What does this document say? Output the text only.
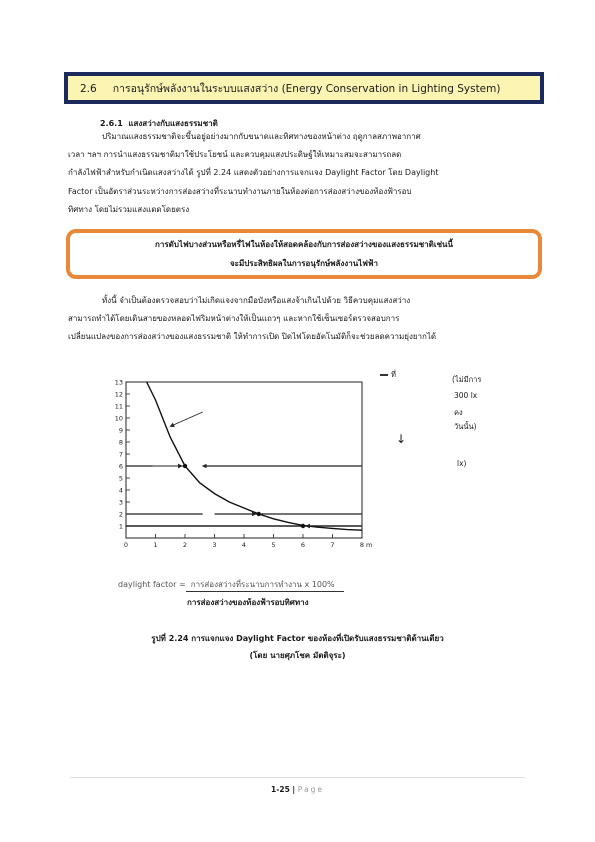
2.6 การอนุรักษ์พลังงานในระบบแสงสว่าง (Energy Conservation in Lighting System)
2.6.1 แสงสว่างกับแสงธรรมชาติ
ปริมาณแสงธรรมชาติจะขึ้นอยู่อย่างมากกับขนาดและทิศทางของหน้าต่าง ฤดูกาลสภาพอากาศ
เวลา ฯลฯ การนำแสงธรรมชาติมาใช้ประโยชน์ และควบคุมแสงประดิษฐ์ให้เหมาะสมจะสามารถลด
กำลังไฟฟ้าสำหรับกำเนิดแสงสว่างได้ รูปที่ 2.24 แสดงตัวอย่างการแจกแจง Daylight Factor โดย Daylight
Factor เป็นอัตราส่วนระหว่างการส่องสว่างที่ระนาบทำงานภายในห้องต่อการส่องสว่างของท้องฟ้ารอบ
ทิศทาง โดยไม่รวมแสงแดดโดยตรง
การดับไฟบางส่วนหรือหรี่ไฟในห้องให้สอดคล้องกับการส่องสว่างของแสงธรรมชาติเช่นนี้
จะมีประสิทธิผลในการอนุรักษ์พลังงานไฟฟ้า
ทั้งนี้ จำเป็นต้องตรวจสอบว่าไม่เกิดแจงจากมือบังหรือแสงจ้าเกินไปด้วย วิธีควบคุมแสงสว่าง
สามารถทำได้โดยเดินสายของหลอดไฟริมหน้าต่างให้เป็นแถวๆ และหากใช้เซ็นเซอร์ตรวจสอบการ
เปลี่ยนแปลงของการส่องสว่างของแสงธรรมชาติ ให้ทำการเปิด ปิดไฟโดยอัตโนมัติก็จะช่วยลดความยุ่งยากได้
1
2
3
4
5
6
7
8
9
10
11
12
13
0	1	2	3	4	5	6	7	8 m
ที่
(ไม่มีการ
300 lx
คง
วันนั้น)
↓
lx)
daylight factor = การส่องสว่างที่ระนาบการทำงาน x 100%
การส่องสว่างของท้องฟ้ารอบทิศทาง
รูปที่ 2.24 การแจกแจง Daylight Factor ของห้องที่เปิดรับแสงธรรมชาติด้านเดียว
(โดย นายศุภโชค มัตติจุระ)
1-25 | Page
